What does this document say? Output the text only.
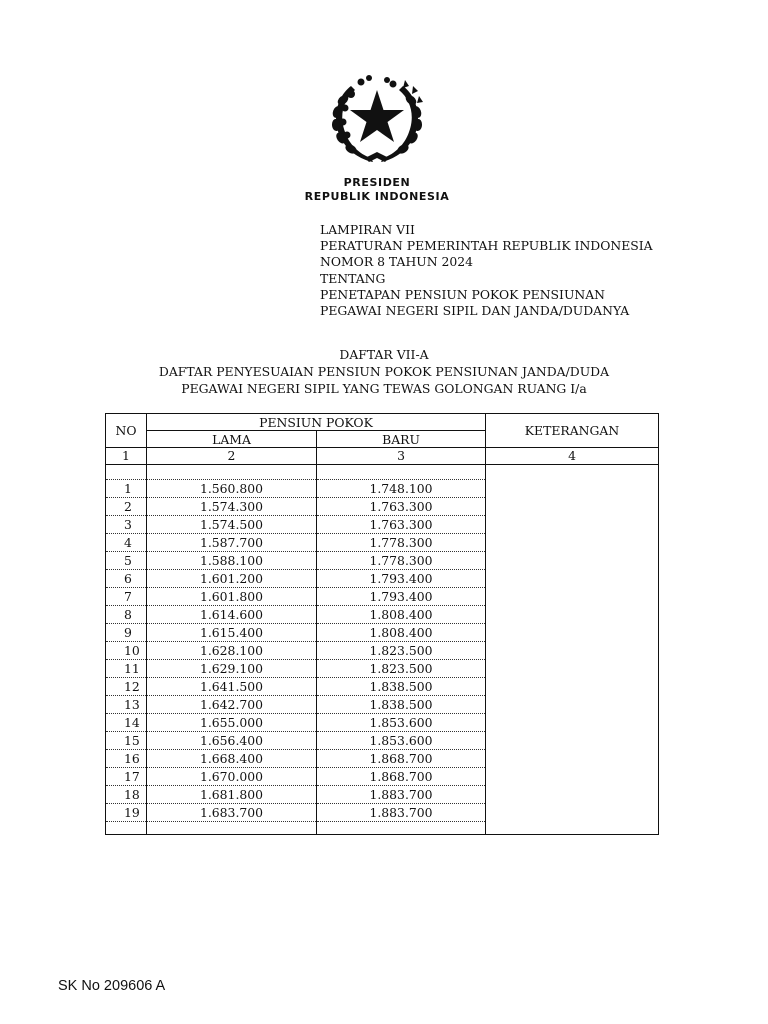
PRESIDEN
REPUBLIK INDONESIA
LAMPIRAN VII
PERATURAN PEMERINTAH REPUBLIK INDONESIA
NOMOR 8 TAHUN 2024
TENTANG
PENETAPAN PENSIUN POKOK PENSIUNAN
PEGAWAI NEGERI SIPIL DAN JANDA/DUDANYA
DAFTAR VII-A
DAFTAR PENYESUAIAN PENSIUN POKOK PENSIUNAN JANDA/DUDA
PEGAWAI NEGERI SIPIL YANG TEWAS GOLONGAN RUANG I/a
NO	PENSIUN POKOK		KETERANGAN
	LAMA	BARU	
1	2	3	4

1	1.560.800	1.748.100	
2	1.574.300	1.763.300	
3	1.574.500	1.763.300	
4	1.587.700	1.778.300	
5	1.588.100	1.778.300	
6	1.601.200	1.793.400	
7	1.601.800	1.793.400	
8	1.614.600	1.808.400	
9	1.615.400	1.808.400	
10	1.628.100	1.823.500	
11	1.629.100	1.823.500	
12	1.641.500	1.838.500	
13	1.642.700	1.838.500	
14	1.655.000	1.853.600	
15	1.656.400	1.853.600	
16	1.668.400	1.868.700	
17	1.670.000	1.868.700	
18	1.681.800	1.883.700	
19	1.683.700	1.883.700	

SK No 209606 A
